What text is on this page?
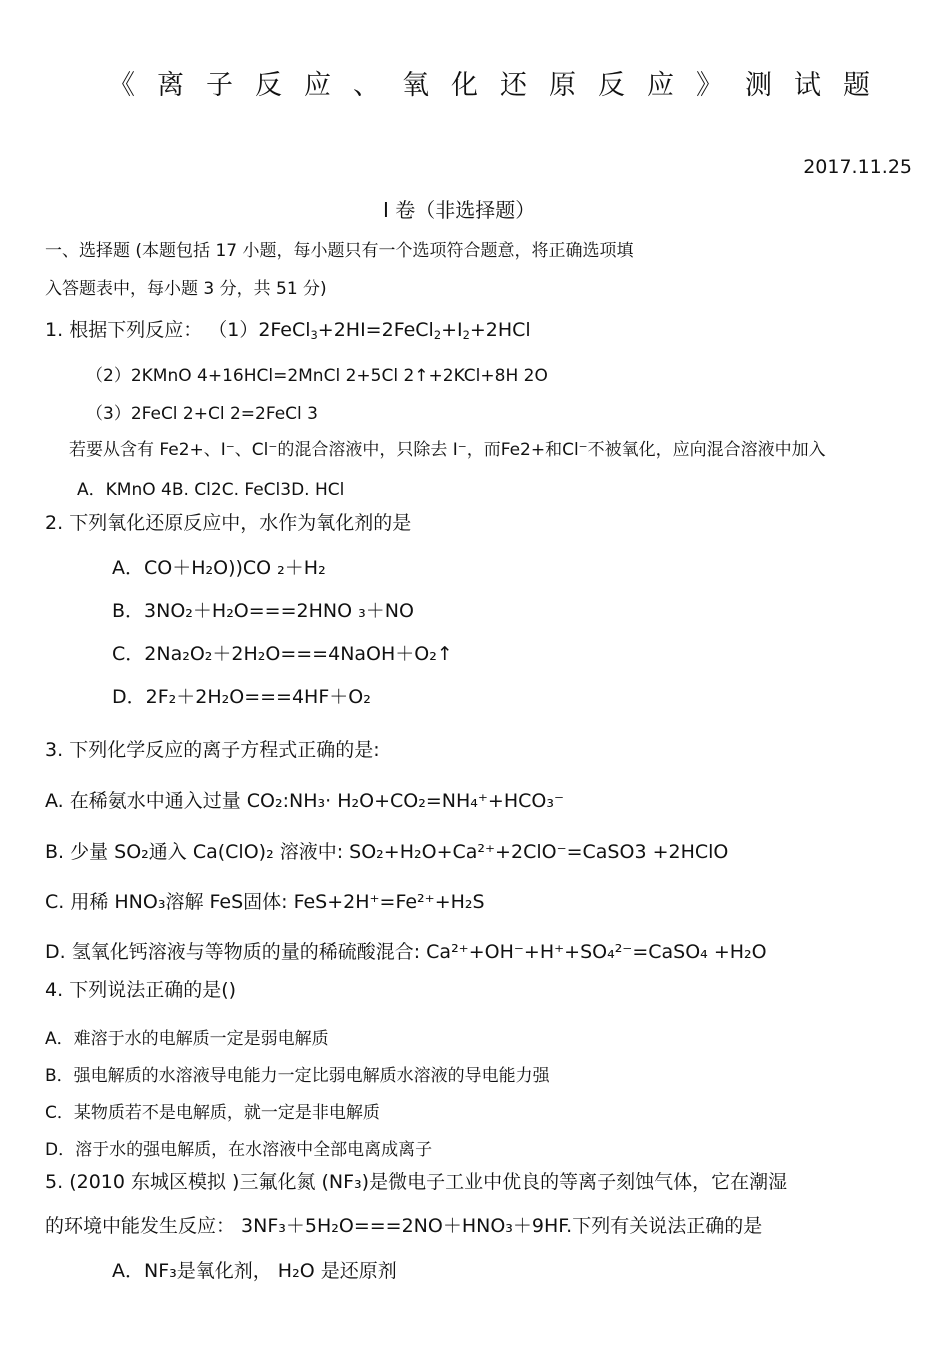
《离子反应、氧化还原反应》测试题
2017.11.25
I 卷（非选择题）
一、选择题 (本题包括 17 小题，每小题只有一个选项符合题意，将正确选项填
入答题表中，每小题 3 分，共 51 分)
1. 根据下列反应： $(1)2FeCl_3+2HI=2FeCl_2+I_2+2HCl$
（2）2KMnO 4+16HCl=2MnCl 2+5Cl 2↑+2KCl+8H 2O
（3）2FeCl 2+Cl 2=2FeCl 3
若要从含有 Fe2+、I⁻、Cl⁻的混合溶液中，只除去 I⁻，而Fe2+和Cl⁻不被氧化，应向混合溶液中加入
A．KMnO 4B. Cl2C. FeCl3D. HCl
2. 下列氧化还原反应中，水作为氧化剂的是
A．CO＋H₂O))CO ₂＋H₂
B．3NO₂＋H₂O===2HNO ₃＋NO
C．2Na₂O₂＋2H₂O===4NaOH＋O₂↑
D．2F₂＋2H₂O===4HF＋O₂
3. 下列化学反应的离子方程式正确的是:
A. 在稀氨水中通入过量 CO₂:NH₃· H₂O+CO₂=NH₄⁺+HCO₃⁻
B. 少量 SO₂通入 Ca(ClO)₂ 溶液中: SO₂+H₂O+Ca²⁺+2ClO⁻=CaSO3 +2HClO
C. 用稀 HNO₃溶解 FeS固体: FeS+2H⁺=Fe²⁺+H₂S
D. 氢氧化钙溶液与等物质的量的稀硫酸混合: Ca²⁺+OH⁻+H⁺+SO₄²⁻=CaSO₄ +H₂O
4. 下列说法正确的是()
A．难溶于水的电解质一定是弱电解质
B．强电解质的水溶液导电能力一定比弱电解质水溶液的导电能力强
C．某物质若不是电解质，就一定是非电解质
D．溶于水的强电解质，在水溶液中全部电离成离子
5. (2010 东城区模拟 )三氟化氮 (NF₃)是微电子工业中优良的等离子刻蚀气体，它在潮湿
的环境中能发生反应： 3NF₃＋5H₂O===2NO＋HNO₃＋9HF.下列有关说法正确的是
A．NF₃是氧化剂， H₂O 是还原剂
